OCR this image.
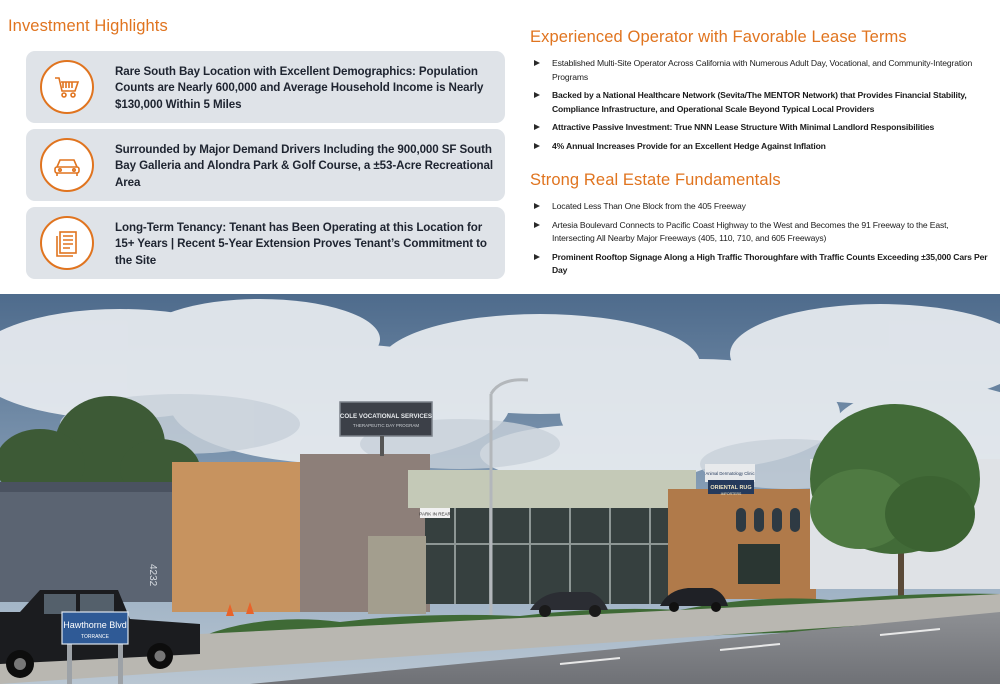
Investment Highlights
Rare South Bay Location with Excellent Demographics: Population Counts are Nearly 600,000 and Average Household Income is Nearly $130,000 Within 5 Miles
Surrounded by Major Demand Drivers Including the 900,000 SF South Bay Galleria and Alondra Park & Golf Course, a ±53-Acre Recreational Area
Long-Term Tenancy: Tenant has Been Operating at this Location for 15+ Years | Recent 5-Year Extension Proves Tenant’s Commitment to the Site
Experienced Operator with Favorable Lease Terms
Established Multi-Site Operator Across California with Numerous Adult Day, Vocational, and Community-Integration Programs
Backed by a National Healthcare Network (Sevita/The MENTOR Network) that Provides Financial Stability, Compliance Infrastructure, and Operational Scale Beyond Typical Local Providers
Attractive Passive Investment: True NNN Lease Structure With Minimal Landlord Responsibilities
4% Annual Increases Provide for an Excellent Hedge Against Inflation
Strong Real Estate Fundamentals
Located Less Than One Block from the 405 Freeway
Artesia Boulevard Connects to Pacific Coast Highway to the West and Becomes the 91 Freeway to the East, Intersecting All Nearby Major Freeways (405, 110, 710, and 605 Freeways)
Prominent Rooftop Signage Along a High Traffic Thoroughfare with Traffic Counts Exceeding ±35,000 Cars Per Day
4232
COLE VOCATIONAL SERVICES
THERAPEUTIC DAY PROGRAM
PARK IN REAR
Animal Dermatology Clinic
ORIENTAL RUG
IMPORTERS
Hawthorne Blvd
TORRANCE
